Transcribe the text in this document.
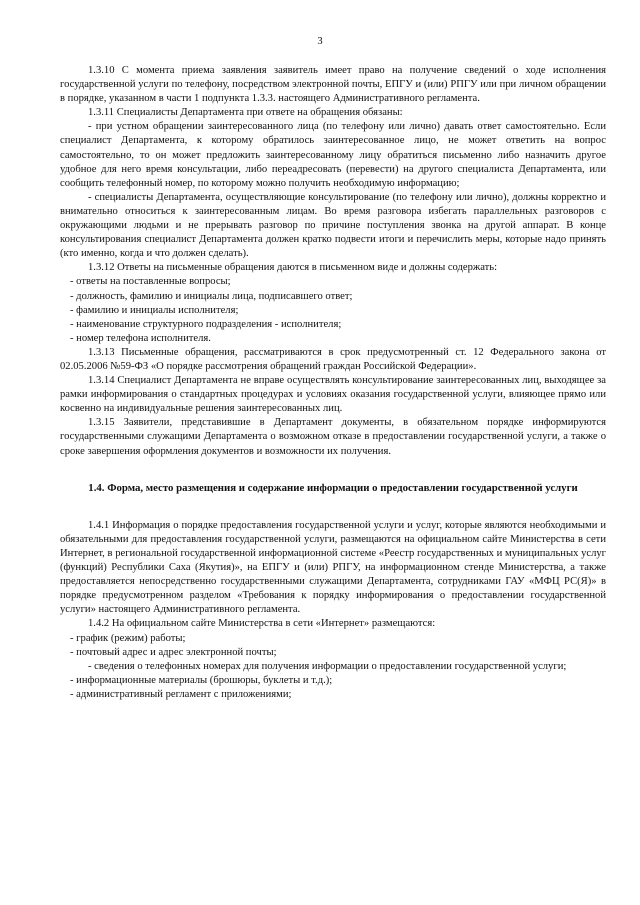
3
1.3.10 С момента приема заявления заявитель имеет право на получение сведений о ходе исполнения государственной услуги по телефону, посредством электронной почты, ЕПГУ и (или) РПГУ или при личном обращении в порядке, указанном в части 1 подпункта 1.3.3. настоящего Административного регламента.
1.3.11 Специалисты Департамента при ответе на обращения обязаны:
- при устном обращении заинтересованного лица (по телефону или лично) давать ответ самостоятельно. Если специалист Департамента, к которому обратилось заинтересованное лицо, не может ответить на вопрос самостоятельно, то он может предложить заинтересованному лицу обратиться письменно либо назначить другое удобное для него время консультации, либо переадресовать (перевести) на другого специалиста Департамента, или сообщить телефонный номер, по которому можно получить необходимую информацию;
- специалисты Департамента, осуществляющие консультирование (по телефону или лично), должны корректно и внимательно относиться к заинтересованным лицам. Во время разговора избегать параллельных разговоров с окружающими людьми и не прерывать разговор по причине поступления звонка на другой аппарат. В конце консультирования специалист Департамента должен кратко подвести итоги и перечислить меры, которые надо принять (кто именно, когда и что должен сделать).
1.3.12 Ответы на письменные обращения даются в письменном виде и должны содержать:
- ответы на поставленные вопросы;
- должность, фамилию и инициалы лица, подписавшего ответ;
- фамилию и инициалы исполнителя;
- наименование структурного подразделения - исполнителя;
- номер телефона исполнителя.
1.3.13 Письменные обращения, рассматриваются в срок предусмотренный ст. 12 Федерального закона от 02.05.2006 №59-ФЗ «О порядке рассмотрения обращений граждан Российской Федерации».
1.3.14 Специалист Департамента не вправе осуществлять консультирование заинтересованных лиц, выходящее за рамки информирования о стандартных процедурах и условиях оказания государственной услуги, влияющее прямо или косвенно на индивидуальные решения заинтересованных лиц.
1.3.15 Заявители, представившие в Департамент документы, в обязательном порядке информируются государственными служащими Департамента о возможном отказе в предоставлении государственной услуги, а также о сроке завершения оформления документов и возможности их получения.
1.4. Форма, место размещения и содержание информации о предоставлении государственной услуги
1.4.1 Информация о порядке предоставления государственной услуги и услуг, которые являются необходимыми и обязательными для предоставления государственной услуги, размещаются на официальном сайте Министерства в сети Интернет, в региональной государственной информационной системе «Реестр государственных и муниципальных услуг (функций) Республики Саха (Якутия)», на ЕПГУ и (или) РПГУ, на информационном стенде Министерства, а также предоставляется непосредственно государственными служащими Департамента, сотрудниками ГАУ «МФЦ РС(Я)» в порядке предусмотренном разделом «Требования к порядку информирования о предоставлении государственной услуги» настоящего Административного регламента.
1.4.2 На официальном сайте Министерства в сети «Интернет» размещаются:
- график (режим) работы;
- почтовый адрес и адрес электронной почты;
- сведения о телефонных номерах для получения информации о предоставлении государственной услуги;
- информационные материалы (брошюры, буклеты и т.д.);
- административный регламент с приложениями;
